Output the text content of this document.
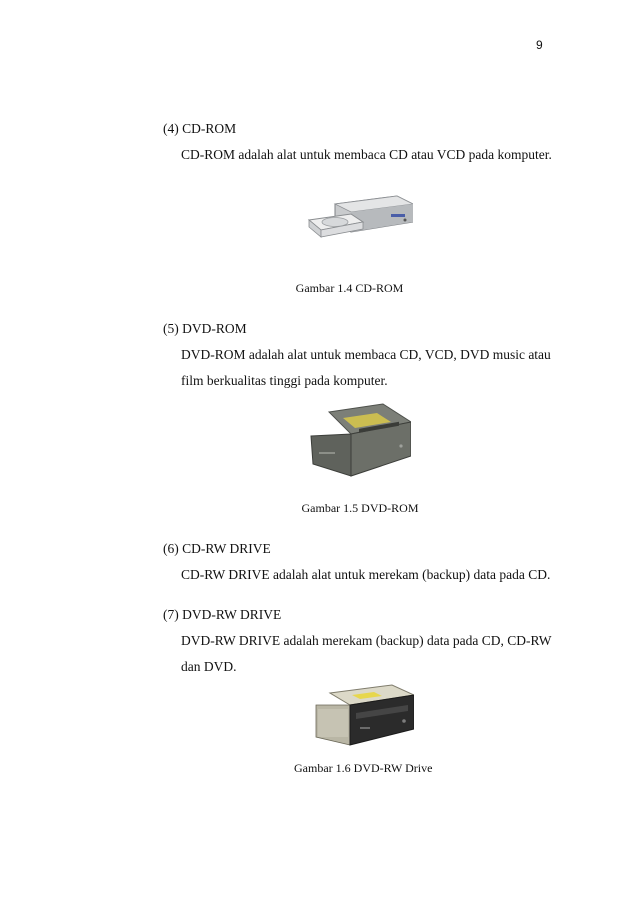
9
(4) CD-ROM
CD-ROM adalah alat untuk membaca CD atau VCD pada komputer.
Gambar 1.4 CD-ROM
(5) DVD-ROM
DVD-ROM adalah alat untuk membaca CD, VCD, DVD music atau
film berkualitas tinggi pada komputer.
Gambar 1.5 DVD-ROM
(6) CD-RW DRIVE
CD-RW DRIVE adalah alat untuk merekam (backup) data pada CD.
(7) DVD-RW DRIVE
DVD-RW DRIVE adalah merekam (backup) data pada CD, CD-RW
dan DVD.
Gambar 1.6 DVD-RW Drive
